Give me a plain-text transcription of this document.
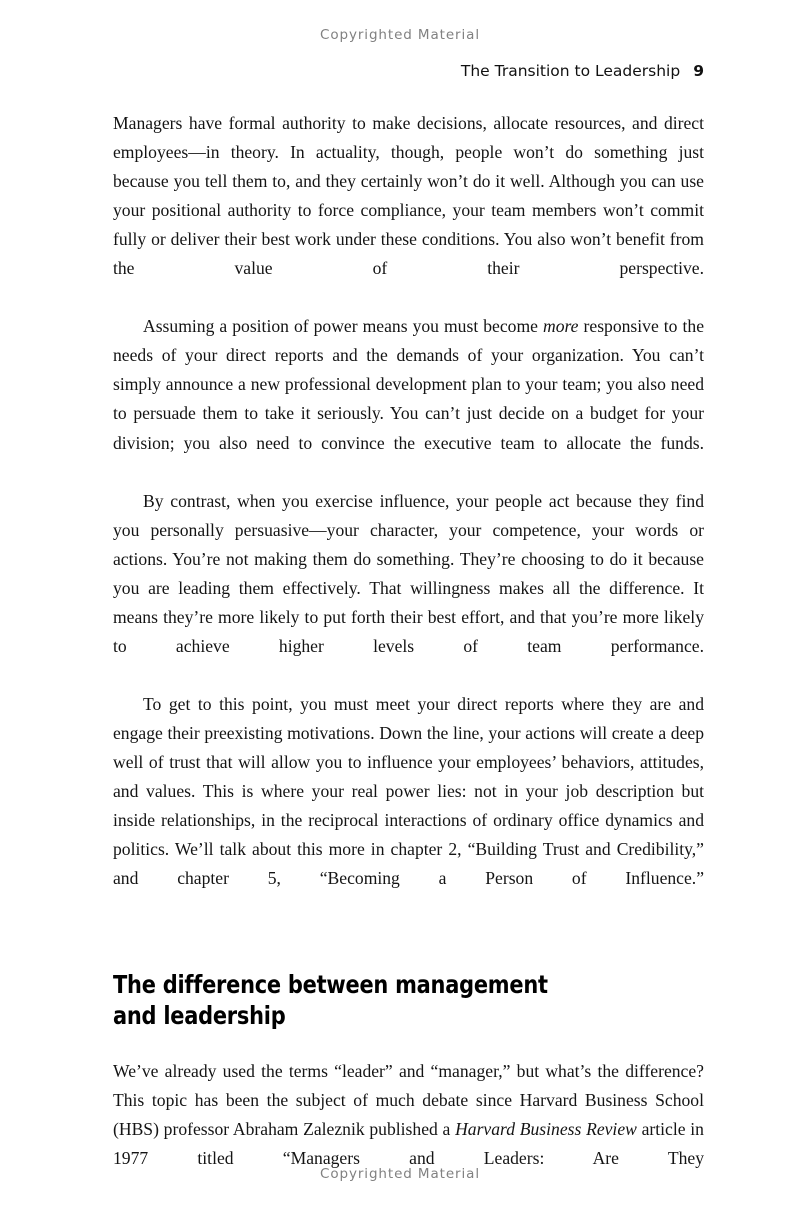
Copyrighted Material
The Transition to Leadership 9

Managers have formal authority to make decisions, allocate resources, and direct employees—in theory. In actuality, though, people won’t do something just because you tell them to, and they certainly won’t do it well. Although you can use your positional authority to force compliance, your team members won’t commit fully or deliver their best work under these conditions. You also won’t benefit from the value of their perspective.

Assuming a position of power means you must become more responsive to the needs of your direct reports and the demands of your organization. You can’t simply announce a new professional development plan to your team; you also need to persuade them to take it seriously. You can’t just decide on a budget for your division; you also need to convince the executive team to allocate the funds.

By contrast, when you exercise influence, your people act because they find you personally persuasive—your character, your competence, your words or actions. You’re not making them do something. They’re choosing to do it because you are leading them effectively. That willingness makes all the difference. It means they’re more likely to put forth their best effort, and that you’re more likely to achieve higher levels of team performance.

To get to this point, you must meet your direct reports where they are and engage their preexisting motivations. Down the line, your actions will create a deep well of trust that will allow you to influence your employees’ behaviors, attitudes, and values. This is where your real power lies: not in your job description but inside relationships, in the reciprocal interactions of ordinary office dynamics and politics. We’ll talk about this more in chapter 2, “Building Trust and Credibility,” and chapter 5, “Becoming a Person of Influence.”

The difference between management
and leadership

We’ve already used the terms “leader” and “manager,” but what’s the difference? This topic has been the subject of much debate since Harvard Business School (HBS) professor Abraham Zaleznik published a Harvard Business Review article in 1977 titled “Managers and Leaders: Are They

Copyrighted Material
